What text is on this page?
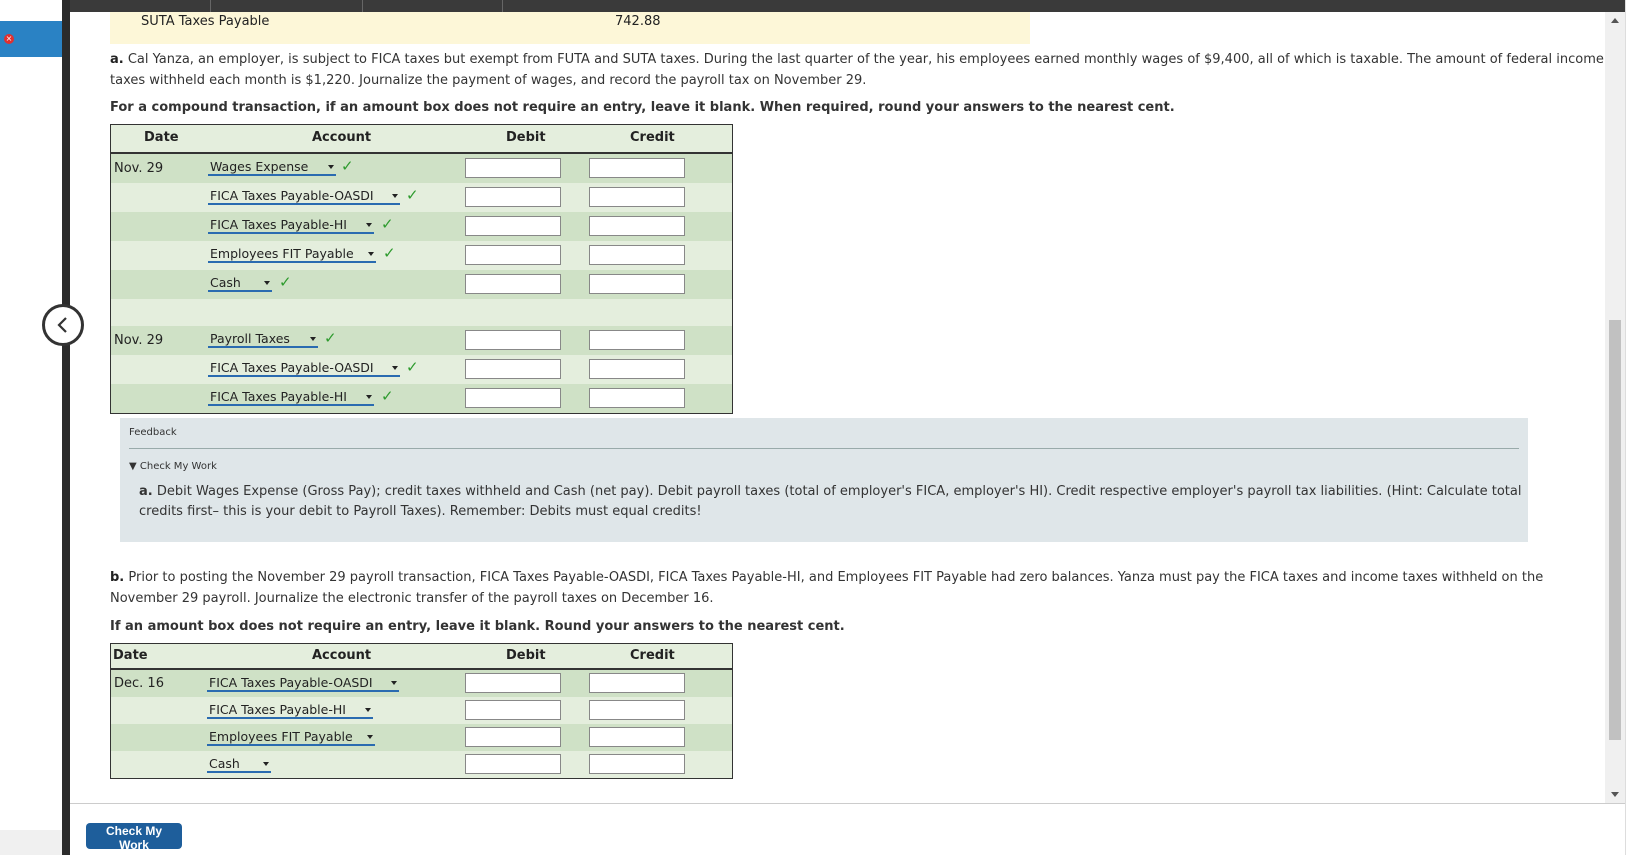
×
SUTA Taxes Payable	742.88
a. Cal Yanza, an employer, is subject to FICA taxes but exempt from FUTA and SUTA taxes. During the last quarter of the year, his employees earned monthly wages of $9,400, all of which is taxable. The amount of federal income taxes withheld each month is $1,220. Journalize the payment of wages, and record the payroll tax on November 29.
For a compound transaction, if an amount box does not require an entry, leave it blank. When required, round your answers to the nearest cent.
Date	Account	Debit	Credit
Nov. 29	Wages Expense	✓
FICA Taxes Payable-OASDI	✓
FICA Taxes Payable-HI	✓
Employees FIT Payable	✓
Cash	✓
Nov. 29	Payroll Taxes	✓
FICA Taxes Payable-OASDI	✓
FICA Taxes Payable-HI	✓
Feedback
▼ Check My Work
a. Debit Wages Expense (Gross Pay); credit taxes withheld and Cash (net pay). Debit payroll taxes (total of employer's FICA, employer's HI). Credit respective employer's payroll tax liabilities. (Hint: Calculate total credits first– this is your debit to Payroll Taxes). Remember: Debits must equal credits!
b. Prior to posting the November 29 payroll transaction, FICA Taxes Payable-OASDI, FICA Taxes Payable-HI, and Employees FIT Payable had zero balances. Yanza must pay the FICA taxes and income taxes withheld on the November 29 payroll. Journalize the electronic transfer of the payroll taxes on December 16.
If an amount box does not require an entry, leave it blank. Round your answers to the nearest cent.
Date	Account	Debit	Credit
Dec. 16	FICA Taxes Payable-OASDI
FICA Taxes Payable-HI
Employees FIT Payable
Cash
Check My Work
